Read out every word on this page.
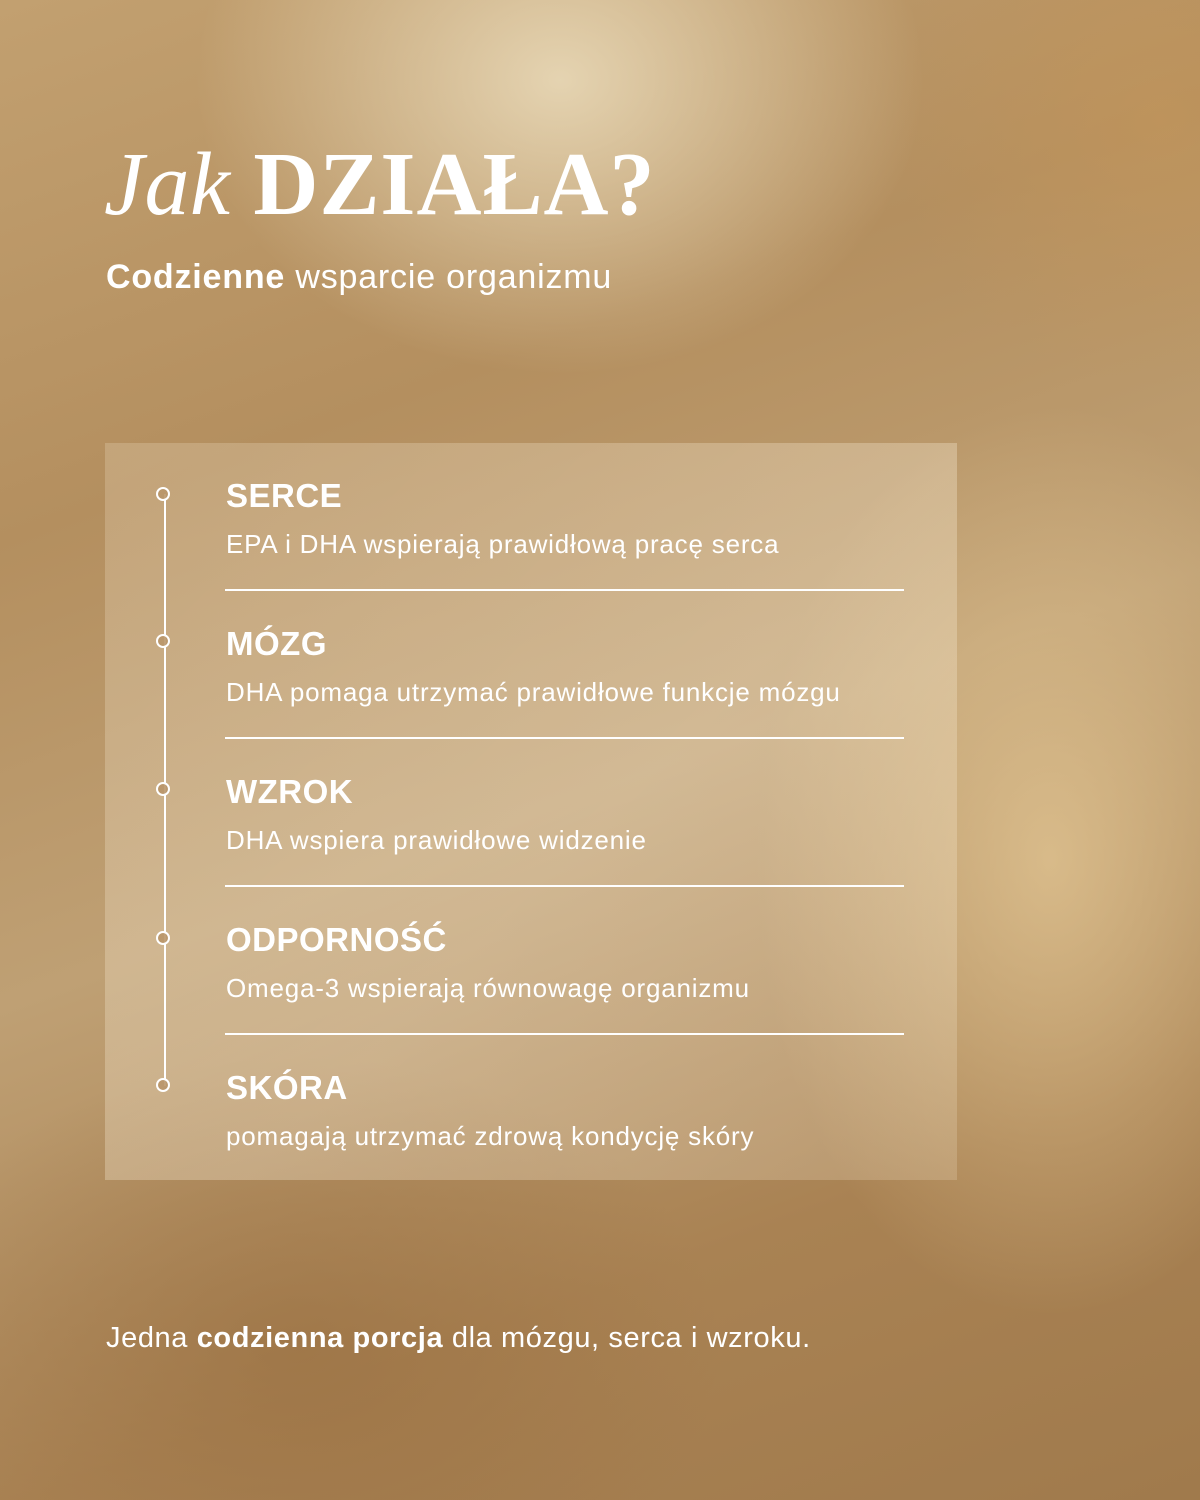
Jak DZIAŁA?

Codzienne wsparcie organizmu

SERCE

EPA i DHA wspierają prawidłową pracę serca

MÓZG

DHA pomaga utrzymać prawidłowe funkcje mózgu

WZROK

DHA wspiera prawidłowe widzenie

ODPORNOŚĆ

Omega-3 wspierają równowagę organizmu

SKÓRA

pomagają utrzymać zdrową kondycję skóry

Jedna codzienna porcja dla mózgu, serca i wzroku.
